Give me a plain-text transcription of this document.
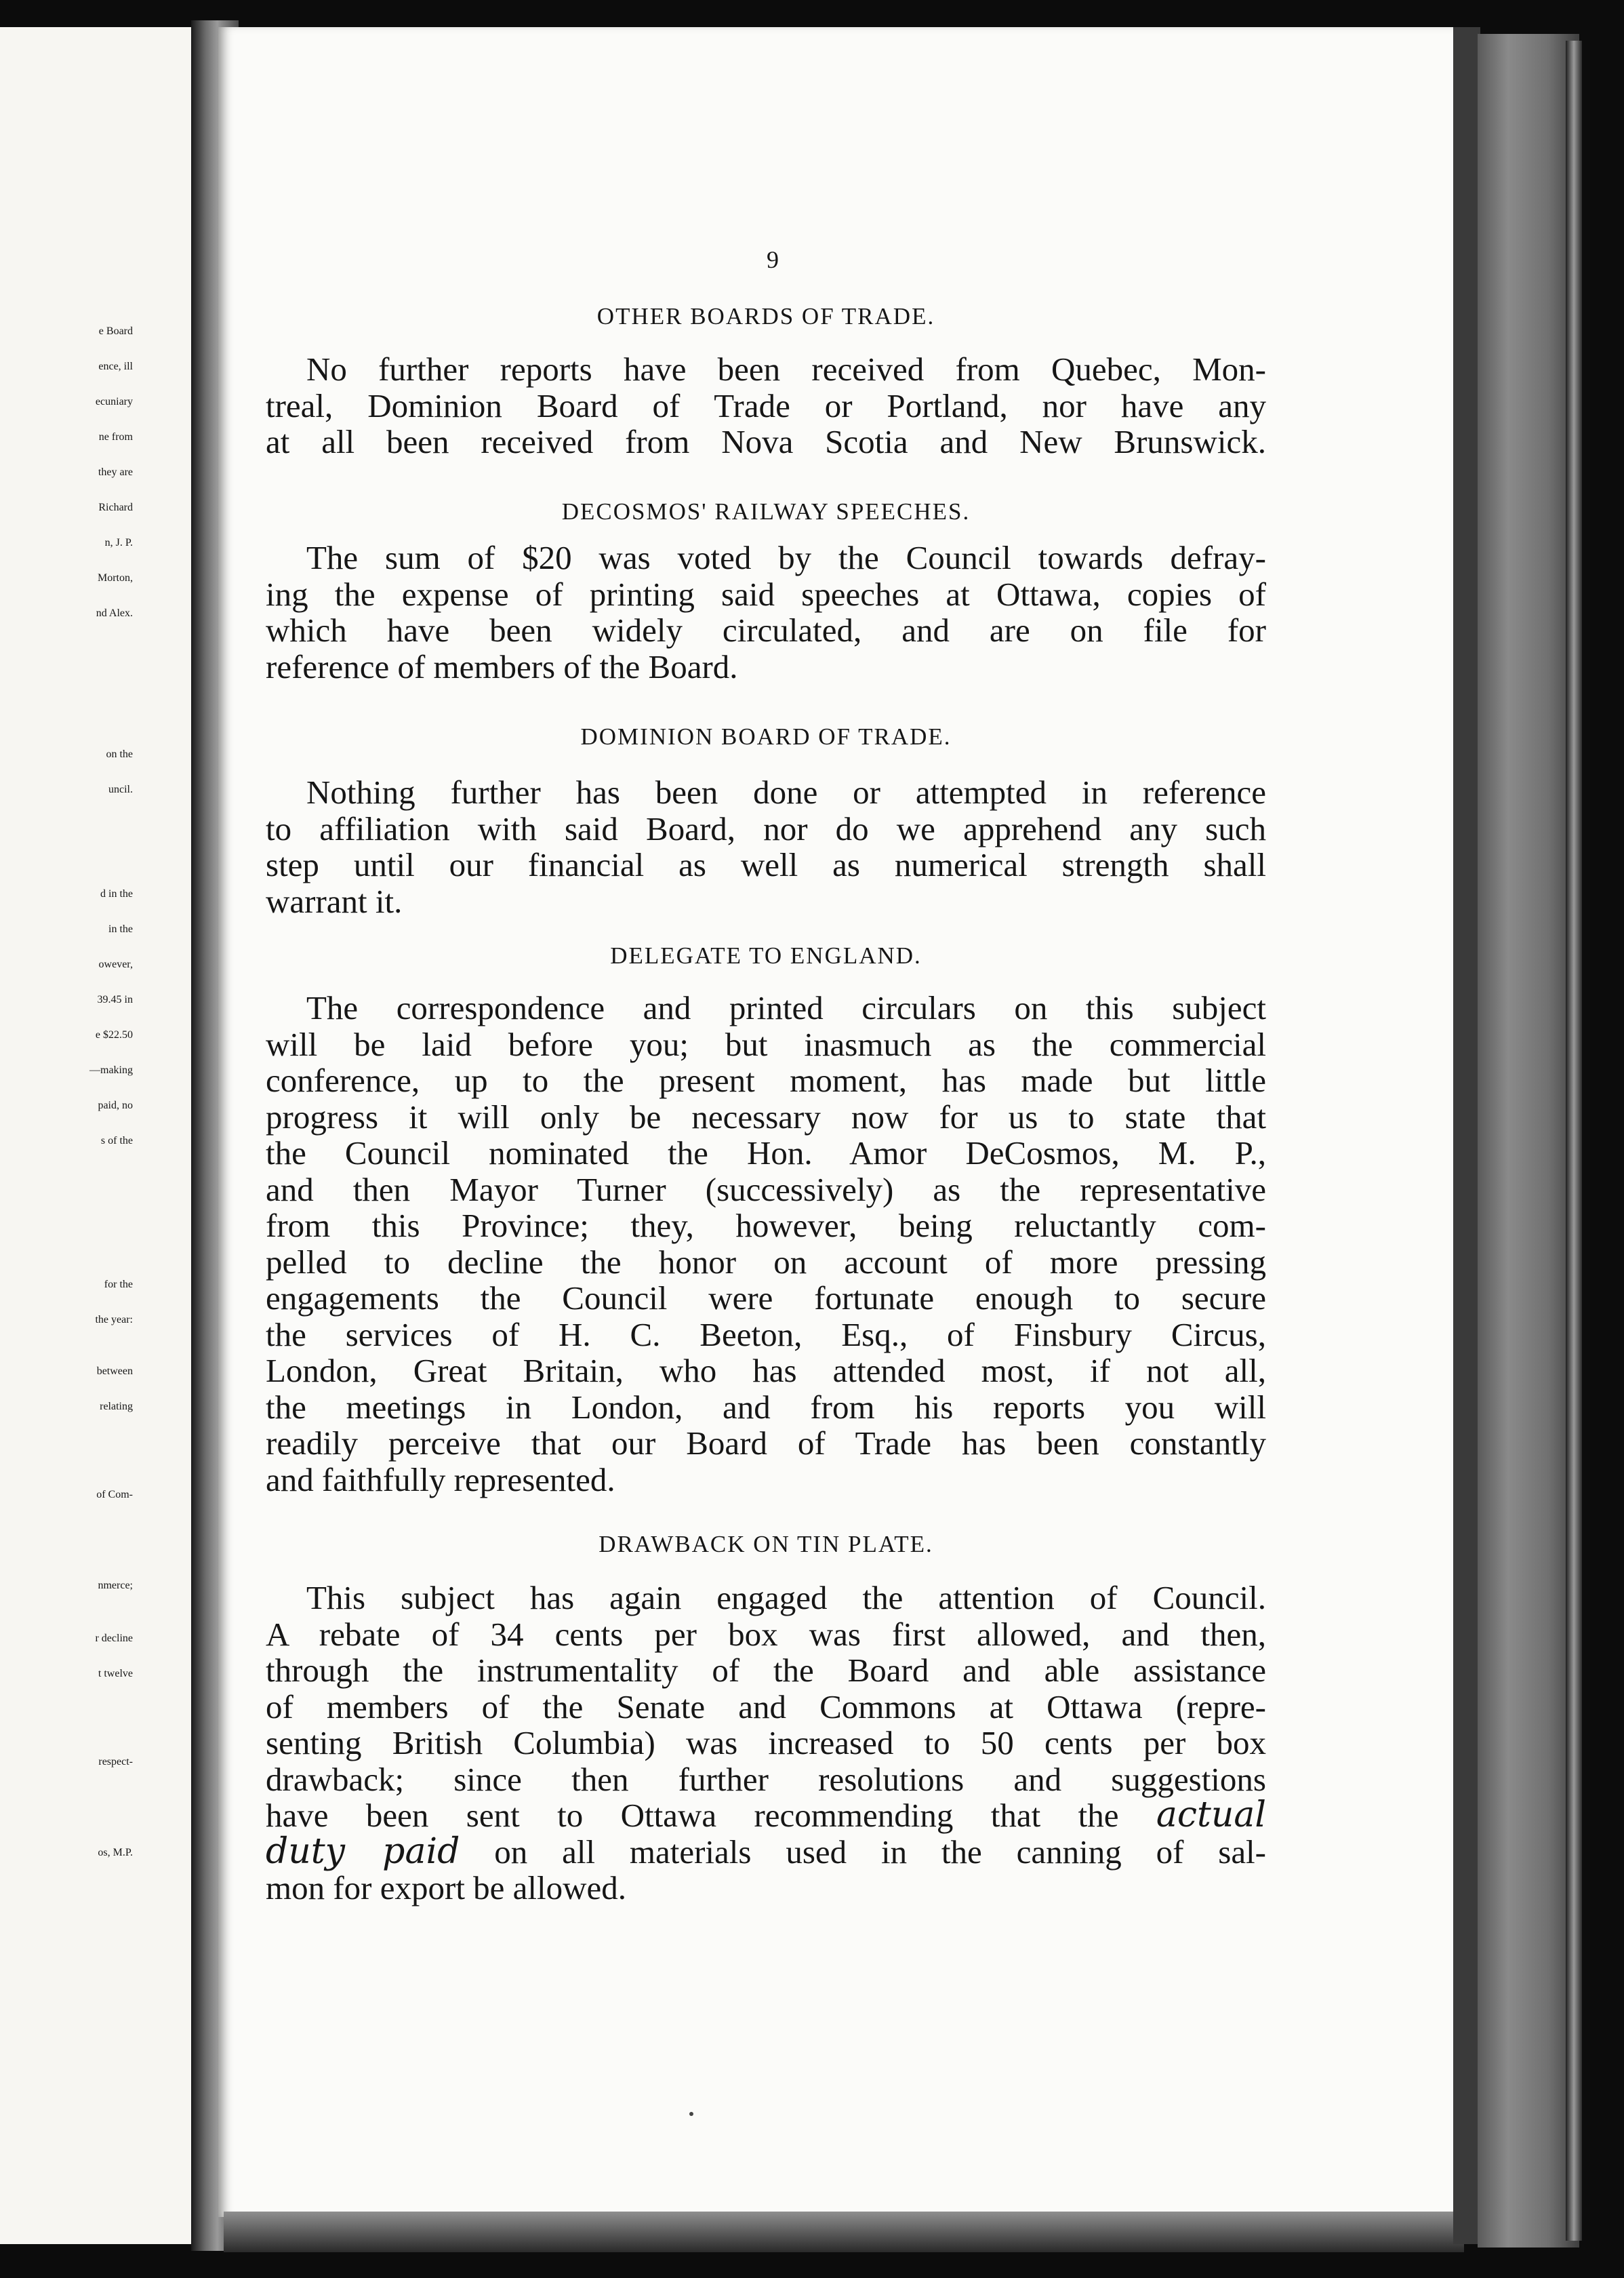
e Board
ence, ill
ecuniary
ne from
they are
Richard
n, J. P.
Morton,
nd Alex.
on the
uncil.
d in the
in the
owever,
39.45 in
e $22.50
—making
paid, no
s of the
for the
the year:
between
relating
of Com-
nmerce;
r decline
t twelve
respect-
os, M.P.
9
OTHER BOARDS OF TRADE.
No further reports have been received from Quebec, Mon-
treal, Dominion Board of Trade or Portland, nor have any
at all been received from Nova Scotia and New Brunswick.
DECOSMOS' RAILWAY SPEECHES.
The sum of $20 was voted by the Council towards defray-
ing the expense of printing said speeches at Ottawa, copies of
which have been widely circulated, and are on file for
reference of members of the Board.
DOMINION BOARD OF TRADE.
Nothing further has been done or attempted in reference
to affiliation with said Board, nor do we apprehend any such
step until our financial as well as numerical strength shall
warrant it.
DELEGATE TO ENGLAND.
The correspondence and printed circulars on this subject
will be laid before you; but inasmuch as the commercial
conference, up to the present moment, has made but little
progress it will only be necessary now for us to state that
the Council nominated the Hon. Amor DeCosmos, M. P.,
and then Mayor Turner (successively) as the representative
from this Province; they, however, being reluctantly com-
pelled to decline the honor on account of more pressing
engagements the Council were fortunate enough to secure
the services of H. C. Beeton, Esq., of Finsbury Circus,
London, Great Britain, who has attended most, if not all,
the meetings in London, and from his reports you will
readily perceive that our Board of Trade has been constantly
and faithfully represented.
DRAWBACK ON TIN PLATE.
This subject has again engaged the attention of Council.
A rebate of 34 cents per box was first allowed, and then,
through the instrumentality of the Board and able assistance
of members of the Senate and Commons at Ottawa (repre-
senting British Columbia) was increased to 50 cents per box
drawback; since then further resolutions and suggestions
have been sent to Ottawa recommending that the actual
duty paid on all materials used in the canning of sal-
mon for export be allowed.
